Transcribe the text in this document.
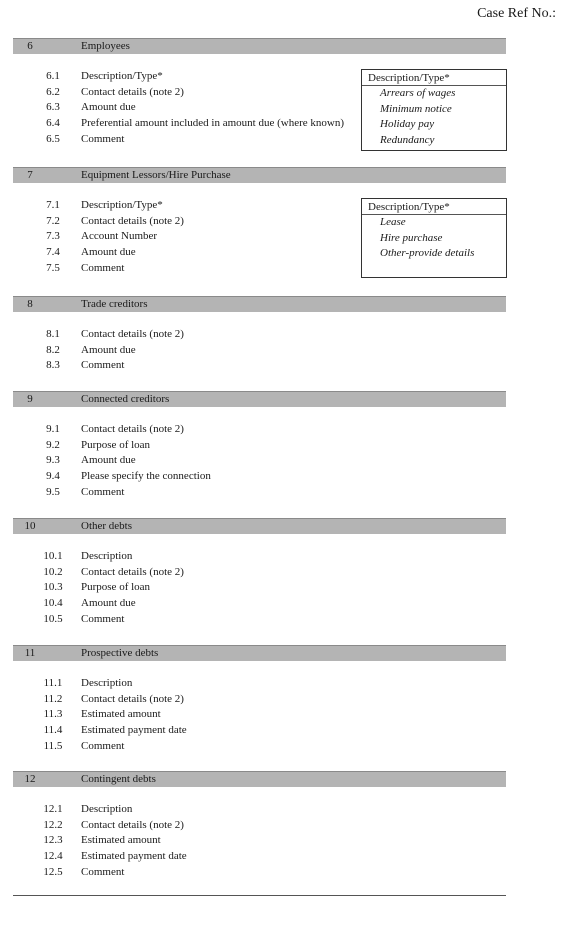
Case Ref No.:
6	Employees
6.1	Description/Type*
6.2	Contact details (note 2)
6.3	Amount due
6.4	Preferential amount included in amount due (where known)
6.5	Comment
Description/Type*
Arrears of wages
Minimum notice
Holiday pay
Redundancy
7	Equipment Lessors/Hire Purchase
7.1	Description/Type*
7.2	Contact details (note 2)
7.3	Account Number
7.4	Amount due
7.5	Comment
Description/Type*
Lease
Hire purchase
Other-provide details
8	Trade creditors
8.1	Contact details (note 2)
8.2	Amount due
8.3	Comment
9	Connected creditors
9.1	Contact details (note 2)
9.2	Purpose of loan
9.3	Amount due
9.4	Please specify the connection
9.5	Comment
10	Other debts
10.1	Description
10.2	Contact details (note 2)
10.3	Purpose of loan
10.4	Amount due
10.5	Comment
11	Prospective debts
11.1	Description
11.2	Contact details (note 2)
11.3	Estimated amount
11.4	Estimated payment date
11.5	Comment
12	Contingent debts
12.1	Description
12.2	Contact details (note 2)
12.3	Estimated amount
12.4	Estimated payment date
12.5	Comment
